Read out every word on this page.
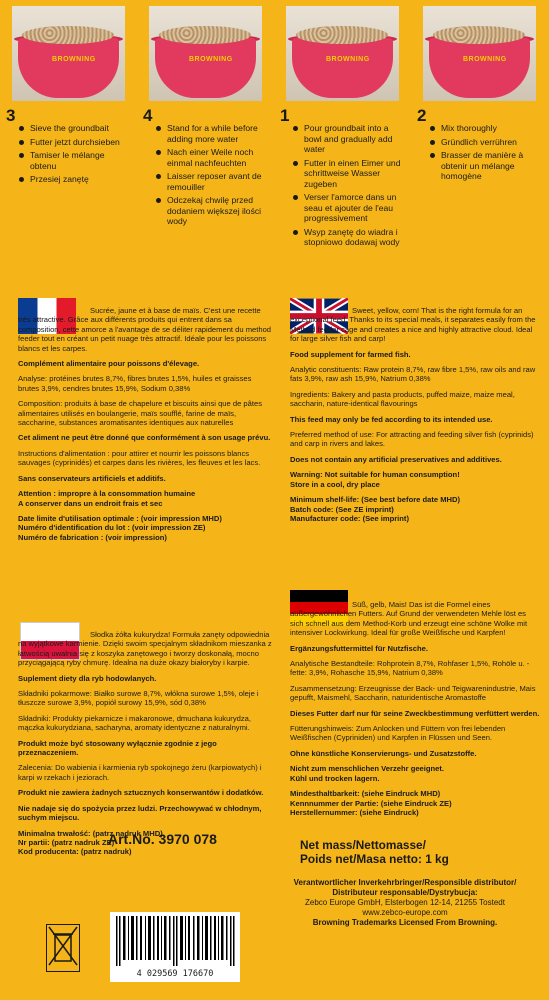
BROWNING
3
Sieve the groundbait
Futter jetzt durchsieben
Tamiser le mélange obtenu
Przesiej zanętę
BROWNING
4
Stand for a while before adding more water
Nach einer Weile noch einmal nachfeuchten
Laisser reposer avant de remouiller
Odczekaj chwilę przed dodaniem większej ilości wody
BROWNING
1
Pour groundbait into a bowl and gradually add water
Futter in einen Eimer und schrittweise Wasser zugeben
Verser l'amorce dans un seau et ajouter de l'eau progressivement
Wsyp zanętę do wiadra i stopniowo dodawaj wody
BROWNING
2
Mix thoroughly
Gründlich verrühren
Brasser de manière à obtenir un mélange homogène

Sucrée, jaune et à base de maïs. C'est une recette très attractive. Grâce aux différents produits qui entrent dans sa composition, cette amorce a l'avantage de se déliter rapidement du method feeder tout en créant un petit nuage très attractif. Idéale pour les poissons blancs et les carpes.

Complément alimentaire pour poissons d'élevage.

Analyse: protéines brutes 8,7%, fibres brutes 1,5%, huiles et graisses brutes 3,9%, cendres brutes 15,9%, Sodium 0,38%

Composition: produits à base de chapelure et biscuits ainsi que de pâtes alimentaires utilisés en boulangerie, maïs soufflé, farine de maïs, saccharine, substances aromatisantes identiques aux naturelles

Cet aliment ne peut être donné que conformément à son usage prévu.

Instructions d'alimentation : pour attirer et nourrir les poissons blancs sauvages (cyprinidés) et carpes dans les rivières, les fleuves et les lacs.

Sans conservateurs artificiels et additifs.

Attention : impropre à la consommation humaine

A conserver dans un endroit frais et sec

Date limite d'utilisation optimale : (voir impression MHD)

Numéro d'identification du lot : (voir impression ZE)

Numéro de fabrication : (voir impression)

Sweet, yellow, corn! That is the right formula for an exceptional feed. Thanks to its special meals, it separates easily from the Method feeder cage and creates a nice and highly attractive cloud. Ideal for large silver fish and carp!

Food supplement for farmed fish.

Analytic constituents: Raw protein 8,7%, raw fibre 1,5%, raw oils and raw fats 3,9%, raw ash 15,9%, Natrium 0,38%

Ingredients: Bakery and pasta products, puffed maize, maize meal, saccharin, nature-identical flavourings

This feed may only be fed according to its intended use.

Preferred method of use: For attracting and feeding silver fish (cyprinids) and carp in rivers and lakes.

Does not contain any artificial preservatives and additives.

Warning: Not suitable for human consumption!

Store in a cool, dry place

Minimum shelf-life: (See best before date MHD)

Batch code: (See ZE imprint)

Manufacturer code: (See imprint)

Słodka żółta kukurydza! Formuła zanęty odpowiednia na wyjątkowe karmienie. Dzięki swoim specjalnym składnikom mieszanka z łatwością uwalnia się z koszyka zanętowego i tworzy doskonałą, mocno przyciągającą ryby chmurę. Idealna na duże okazy białoryby i karpie.

Suplement diety dla ryb hodowlanych.

Składniki pokarmowe: Białko surowe 8,7%, włókna surowe 1,5%, oleje i tłuszcze surowe 3,9%, popiół surowy 15,9%, sód 0,38%

Składniki: Produkty piekarnicze i makaronowe, dmuchana kukurydza, mączka kukurydziana, sacharyna, aromaty identyczne z naturalnymi.

Produkt może być stosowany wyłącznie zgodnie z jego przeznaczeniem.

Zalecenia: Do wabienia i karmienia ryb spokojnego żeru (karpiowatych) i karpi w rzekach i jeziorach.

Produkt nie zawiera żadnych sztucznych konserwantów i dodatków.

Nie nadaje się do spożycia przez ludzi. Przechowywać w chłodnym, suchym miejscu.

Minimalna trwałość: (patrz nadruk MHD)

Nr partii: (patrz nadruk ZE)

Kod producenta: (patrz nadruk)

Süß, gelb, Mais! Das ist die Formel eines außergewöhnlichen Futters. Auf Grund der verwendeten Mehle löst es sich schnell aus dem Method-Korb und erzeugt eine schöne Wolke mit intensiver Lockwirkung. Ideal für große Weißfische und Karpfen!

Ergänzungsfuttermittel für Nutzfische.

Analytische Bestandteile: Rohprotein 8,7%, Rohfaser 1,5%, Rohöle u. -fette: 3,9%, Rohasche 15,9%, Natrium 0,38%

Zusammensetzung: Erzeugnisse der Back- und Teigwarenindustrie, Mais gepufft, Maismehl, Saccharin, naturidentische Aromastoffe

Dieses Futter darf nur für seine Zweckbestimmung verfüttert werden.

Fütterungshinweis: Zum Anlocken und Füttern von frei lebenden Weißfischen (Cypriniden) und Karpfen in Flüssen und Seen.

Ohne künstliche Konservierungs- und Zusatzstoffe.

Nicht zum menschlichen Verzehr geeignet.

Kühl und trocken lagern.

Mindesthaltbarkeit: (siehe Eindruck MHD)

Kennnummer der Partie: (siehe Eindruck ZE)

Herstellernummer: (siehe Eindruck)

Art.No. 3970 078	Net mass/Nettomasse/
Poids net/Masa netto: 1 kg
Verantwortlicher Inverkehrbringer/Responsible distributor/
Distributeur responsable/Dystrybucja:
Zebco Europe GmbH, Elsterbogen 12-14, 21255 Tostedt
www.zebco-europe.com
Browning Trademarks Licensed From Browning.
4 029569 176670
